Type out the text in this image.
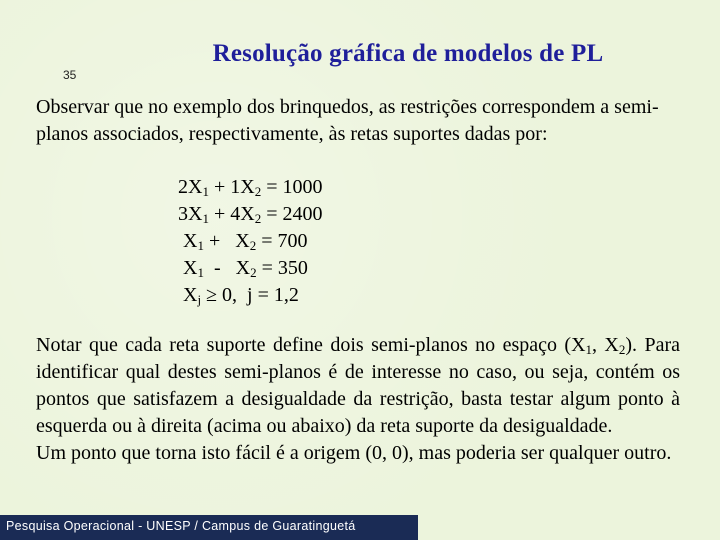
35
Resolução gráfica de modelos de PL

Observar que no exemplo dos brinquedos, as restrições correspondem a semi-planos associados, respectivamente, às retas suportes dadas por:

$2X_1 + 1X_2 = 1000$
$3X_1 + 4X_2 = 2400$
$X_1 + X_2 = 700$
$X_1 - X_2 = 350$
$X_j \ge 0$,  j = 1,2
Notar que cada reta suporte define dois semi-planos no espaço ($X_1$, $X_2$). Para identificar qual destes semi-planos é de interesse no caso, ou seja, contém os pontos que satisfazem a desigualdade da restrição, basta testar algum ponto à esquerda ou à direita (acima ou abaixo) da reta suporte da desigualdade.
Um ponto que torna isto fácil é a origem (0, 0), mas poderia ser qualquer outro.
Pesquisa Operacional - UNESP / Campus de Guaratinguetá
